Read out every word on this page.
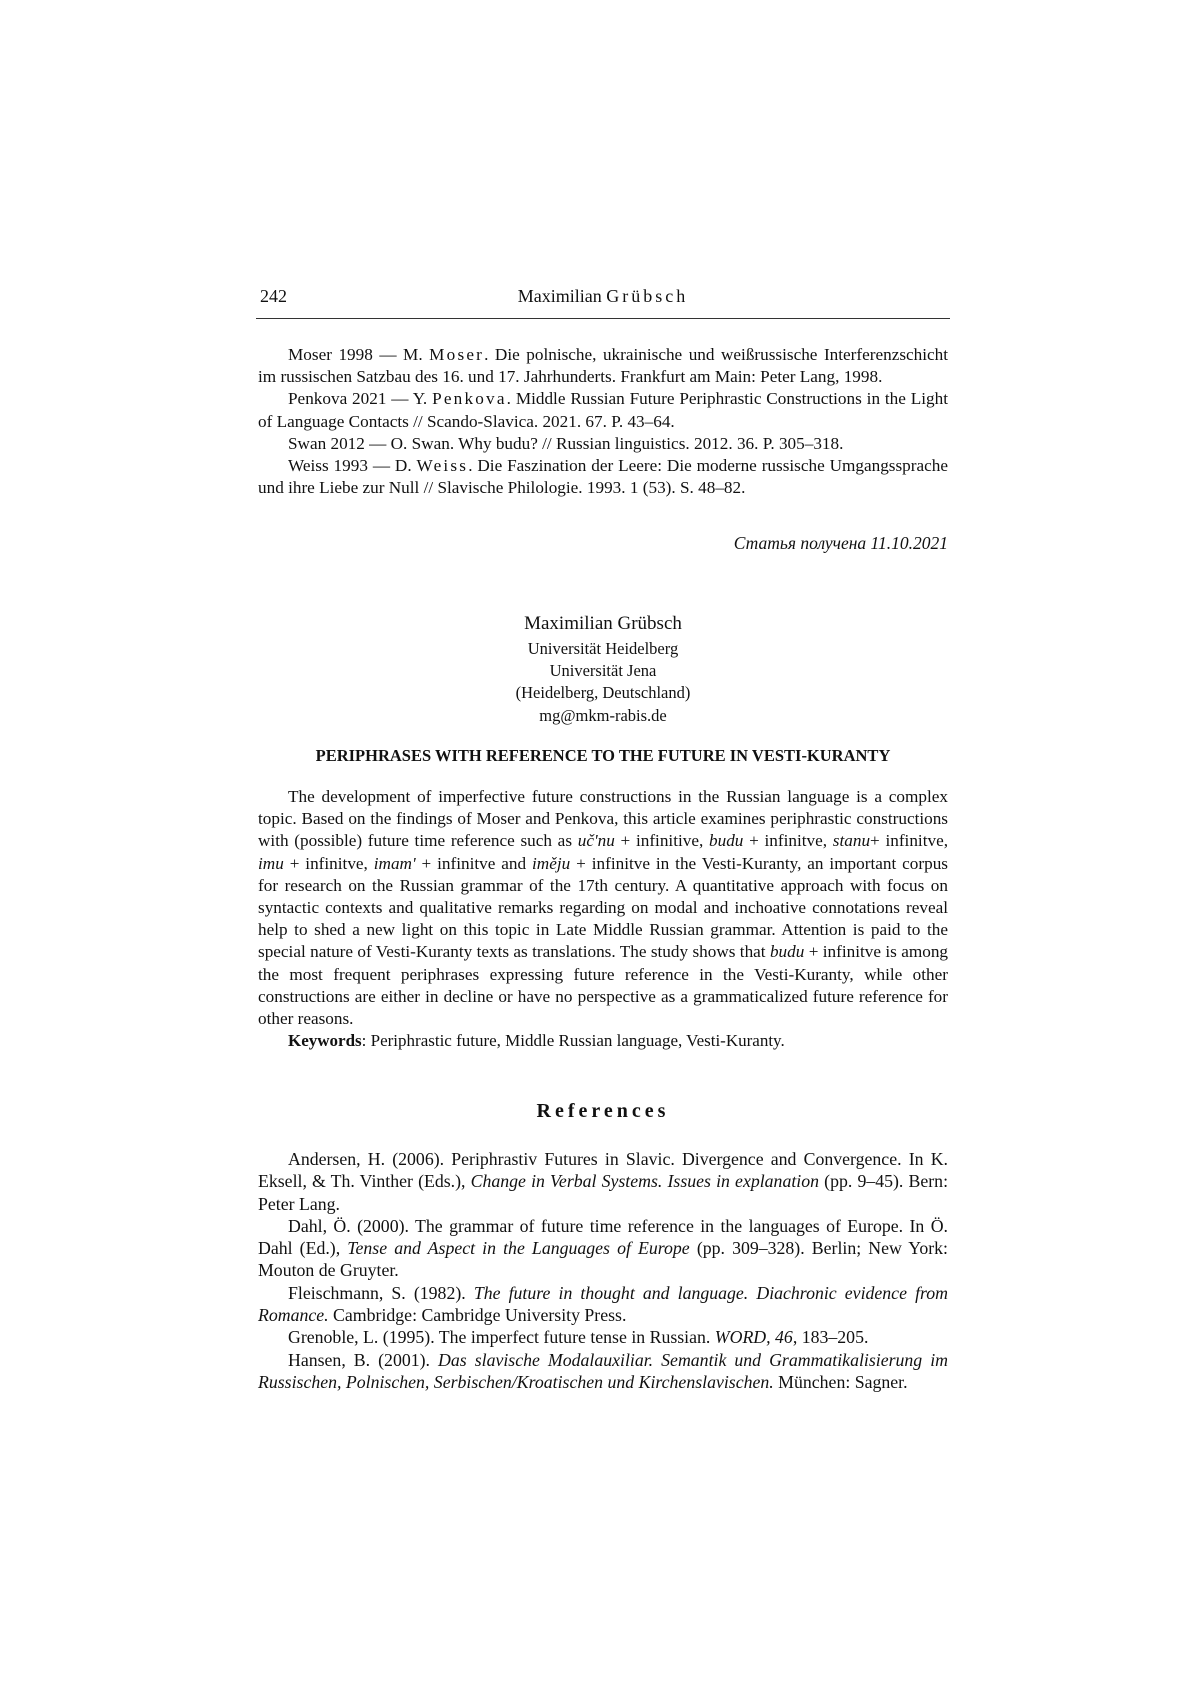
242	Maximilian Grübsch

Moser 1998 — M. Moser. Die polnische, ukrainische und weißrussische Interferenzschicht im russischen Satzbau des 16. und 17. Jahrhunderts. Frankfurt am Main: Peter Lang, 1998.

Penkova 2021 — Y. Penkova. Middle Russian Future Periphrastic Constructions in the Light of Language Contacts // Scando-Slavica. 2021. 67. P. 43–64.

Swan 2012 — O. Swan. Why budu? // Russian linguistics. 2012. 36. P. 305–318.

Weiss 1993 — D. Weiss. Die Faszination der Leere: Die moderne russische Umgangssprache und ihre Liebe zur Null // Slavische Philologie. 1993. 1 (53). S. 48–82.

Статья получена 11.10.2021
Maximilian Grübsch
Universität Heidelberg
Universität Jena
(Heidelberg, Deutschland)
mg@mkm-rabis.de
PERIPHRASES WITH REFERENCE TO THE FUTURE IN VESTI-KURANTY

The development of imperfective future constructions in the Russian language is a complex topic. Based on the findings of Moser and Penkova, this article examines periphrastic constructions with (possible) future time reference such as uč'nu + infinitive, budu + infinitve, stanu+ infinitve, imu + infinitve, imam' + infinitve and iměju + infinitve in the Vesti-Kuranty, an important corpus for research on the Russian grammar of the 17th century. A quantitative approach with focus on syntactic contexts and qualitative remarks regarding on modal and inchoative connotations reveal help to shed a new light on this topic in Late Middle Russian grammar. Attention is paid to the special nature of Vesti-Kuranty texts as translations. The study shows that budu + infinitve is among the most frequent periphrases expressing future reference in the Vesti-Kuranty, while other constructions are either in decline or have no perspective as a grammaticalized future reference for other reasons.

Keywords: Periphrastic future, Middle Russian language, Vesti-Kuranty.
References

Andersen, H. (2006). Periphrastiv Futures in Slavic. Divergence and Convergence. In K. Eksell, & Th. Vinther (Eds.), Change in Verbal Systems. Issues in explanation (pp. 9–45). Bern: Peter Lang.

Dahl, Ö. (2000). The grammar of future time reference in the languages of Europe. In Ö. Dahl (Ed.), Tense and Aspect in the Languages of Europe (pp. 309–328). Berlin; New York: Mouton de Gruyter.

Fleischmann, S. (1982). The future in thought and language. Diachronic evidence from Romance. Cambridge: Cambridge University Press.

Grenoble, L. (1995). The imperfect future tense in Russian. WORD, 46, 183–205.

Hansen, B. (2001). Das slavische Modalauxiliar. Semantik und Grammatikalisierung im Russischen, Polnischen, Serbischen/Kroatischen und Kirchenslavischen. München: Sagner.
